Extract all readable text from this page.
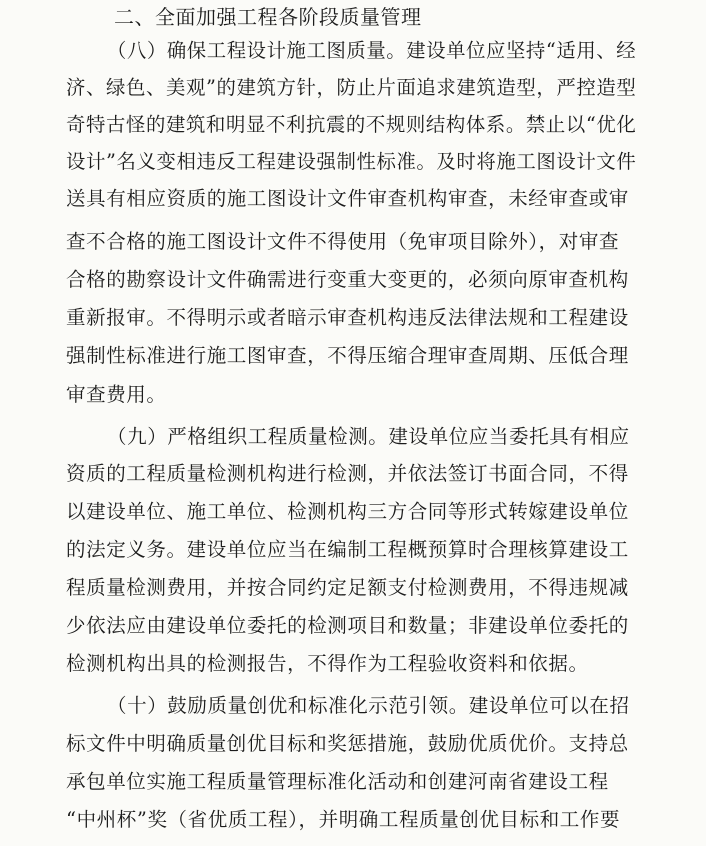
二、全面加强工程各阶段质量管理
（八）确保工程设计施工图质量。建设单位应坚持“适用、经
济、绿色、美观”的建筑方针，防止片面追求建筑造型，严控造型
奇特古怪的建筑和明显不利抗震的不规则结构体系。禁止以“优化
设计”名义变相违反工程建设强制性标准。及时将施工图设计文件
送具有相应资质的施工图设计文件审查机构审查，未经审查或审
查不合格的施工图设计文件不得使用（免审项目除外），对审查
合格的勘察设计文件确需进行变重大变更的，必须向原审查机构
重新报审。不得明示或者暗示审查机构违反法律法规和工程建设
强制性标准进行施工图审查，不得压缩合理审查周期、压低合理
审查费用。
（九）严格组织工程质量检测。建设单位应当委托具有相应
资质的工程质量检测机构进行检测，并依法签订书面合同，不得
以建设单位、施工单位、检测机构三方合同等形式转嫁建设单位
的法定义务。建设单位应当在编制工程概预算时合理核算建设工
程质量检测费用，并按合同约定足额支付检测费用，不得违规减
少依法应由建设单位委托的检测项目和数量；非建设单位委托的
检测机构出具的检测报告，不得作为工程验收资料和依据。
（十）鼓励质量创优和标准化示范引领。建设单位可以在招
标文件中明确质量创优目标和奖惩措施，鼓励优质优价。支持总
承包单位实施工程质量管理标准化活动和创建河南省建设工程
“中州杯”奖（省优质工程），并明确工程质量创优目标和工作要
